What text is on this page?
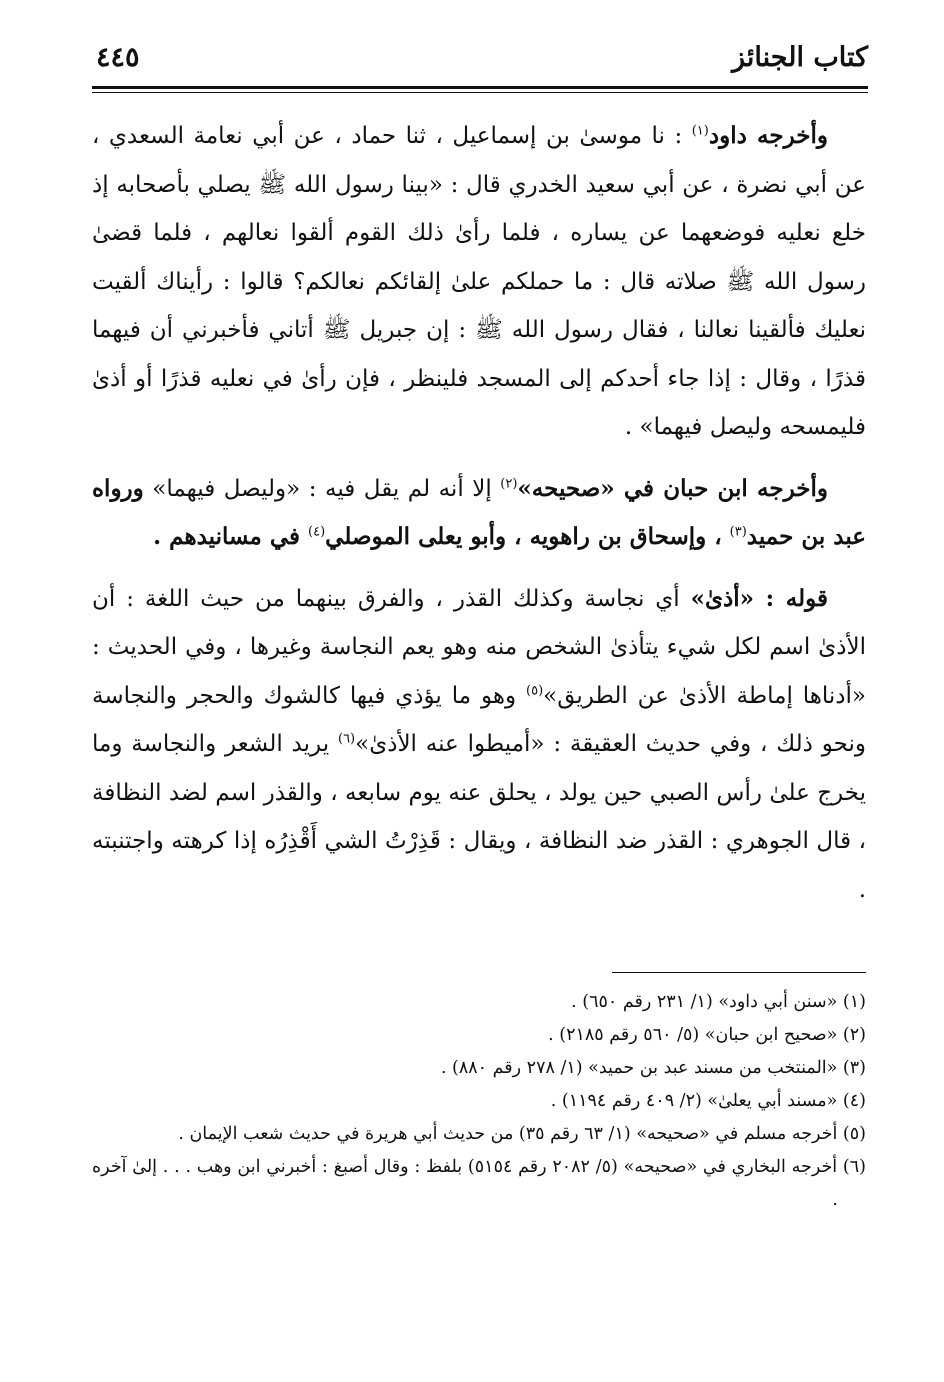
كتاب الجنائز
٤٤٥

وأخرجه داود$^{(١)}$ : نا موسىٰ بن إسماعيل ، ثنا حماد ، عن أبي نعامة السعدي ، عن أبي نضرة ، عن أبي سعيد الخدري قال : «بينا رسول الله ﷺ يصلي بأصحابه إذ خلع نعليه فوضعهما عن يساره ، فلما رأىٰ ذلك القوم ألقوا نعالهم ، فلما قضىٰ رسول الله ﷺ صلاته قال : ما حملكم علىٰ إلقائكم نعالكم؟ قالوا : رأيناك ألقيت نعليك فألقينا نعالنا ، فقال رسول الله ﷺ : إن جبريل ﷺ أتاني فأخبرني أن فيهما قذرًا ، وقال : إذا جاء أحدكم إلى المسجد فلينظر ، فإن رأىٰ في نعليه قذرًا أو أذىٰ فليمسحه وليصل فيهما» .

وأخرجه ابن حبان في «صحيحه»$^{(٢)}$ إلا أنه لم يقل فيه : «وليصل فيهما» ورواه عبد بن حميد$^{(٣)}$ ، وإسحاق بن راهويه ، وأبو يعلى الموصلي$^{(٤)}$ في مسانيدهم .

قوله : «أذىٰ» أي نجاسة وكذلك القذر ، والفرق بينهما من حيث اللغة : أن الأذىٰ اسم لكل شيء يتأذىٰ الشخص منه وهو يعم النجاسة وغيرها ، وفي الحديث : «أدناها إماطة الأذىٰ عن الطريق»$^{(٥)}$ وهو ما يؤذي فيها كالشوك والحجر والنجاسة ونحو ذلك ، وفي حديث العقيقة : «أميطوا عنه الأذىٰ»$^{(٦)}$ يريد الشعر والنجاسة وما يخرج علىٰ رأس الصبي حين يولد ، يحلق عنه يوم سابعه ، والقذر اسم لضد النظافة ، قال الجوهري : القذر ضد النظافة ، ويقال : قَذِرْتُ الشي أَقْذِرُه إذا كرهته واجتنبته .

(١) «سنن أبي داود» (١/ ٢٣١ رقم ٦٥٠) .
(٢) «صحيح ابن حبان» (٥/ ٥٦٠ رقم ٢١٨٥) .
(٣) «المنتخب من مسند عبد بن حميد» (١/ ٢٧٨ رقم ٨٨٠) .
(٤) «مسند أبي يعلىٰ» (٢/ ٤٠٩ رقم ١١٩٤) .
(٥) أخرجه مسلم في «صحيحه» (١/ ٦٣ رقم ٣٥) من حديث أبي هريرة في حديث شعب الإيمان .
(٦) أخرجه البخاري في «صحيحه» (٥/ ٢٠٨٢ رقم ٥١٥٤) بلفظ : وقال أصبغ : أخبرني ابن وهب . . . إلىٰ آخره .
